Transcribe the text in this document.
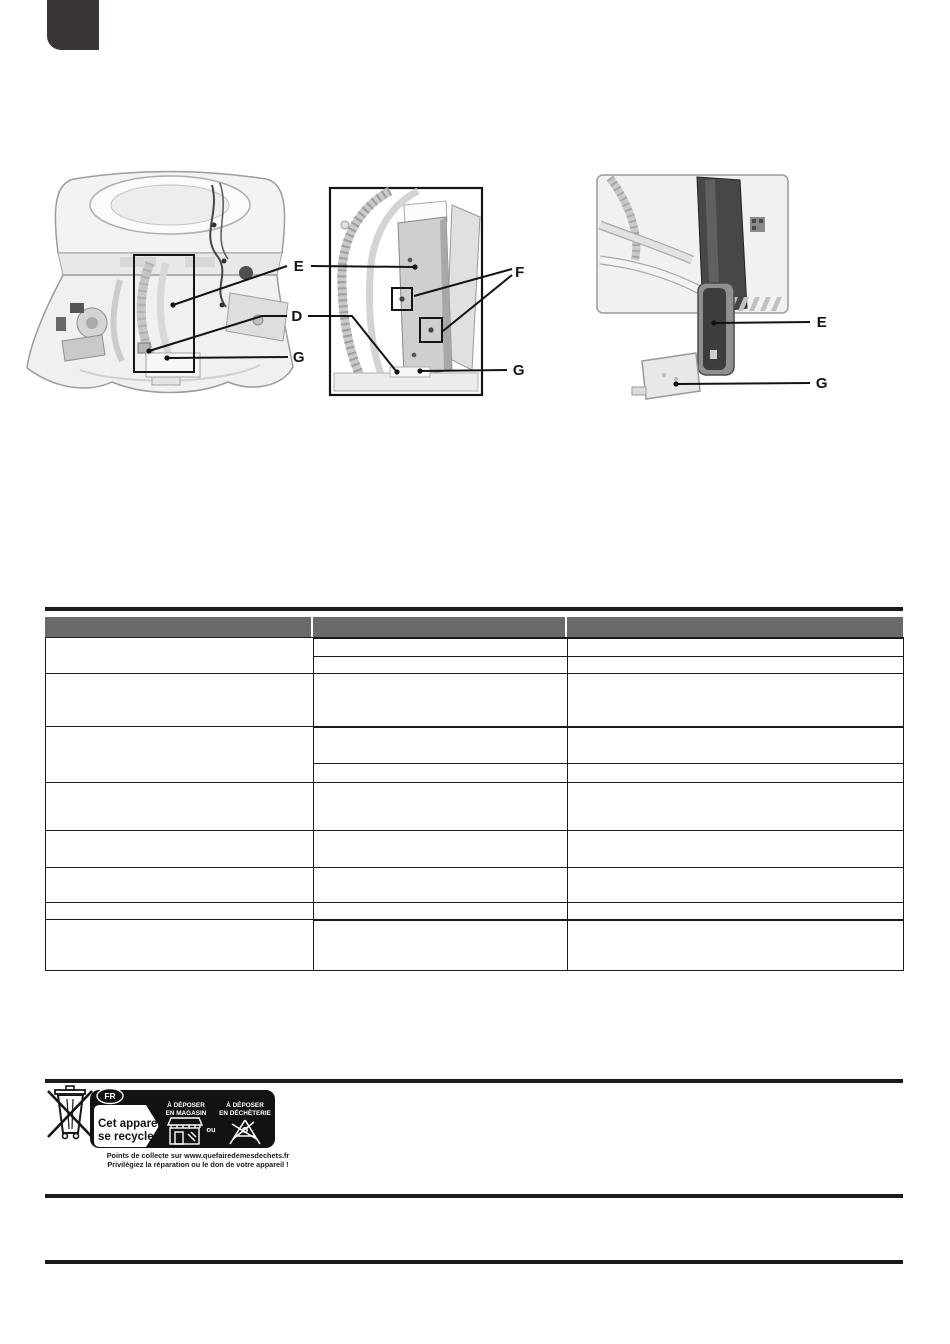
E
D
G
F
G
E
G

FR
Cet appareil
se recycle
À DÉPOSER
EN MAGASIN
ou
À DÉPOSER
EN DÉCHÈTERIE
Points de collecte sur www.quefairedemesdechets.fr
Privilégiez la réparation ou le don de votre appareil !
